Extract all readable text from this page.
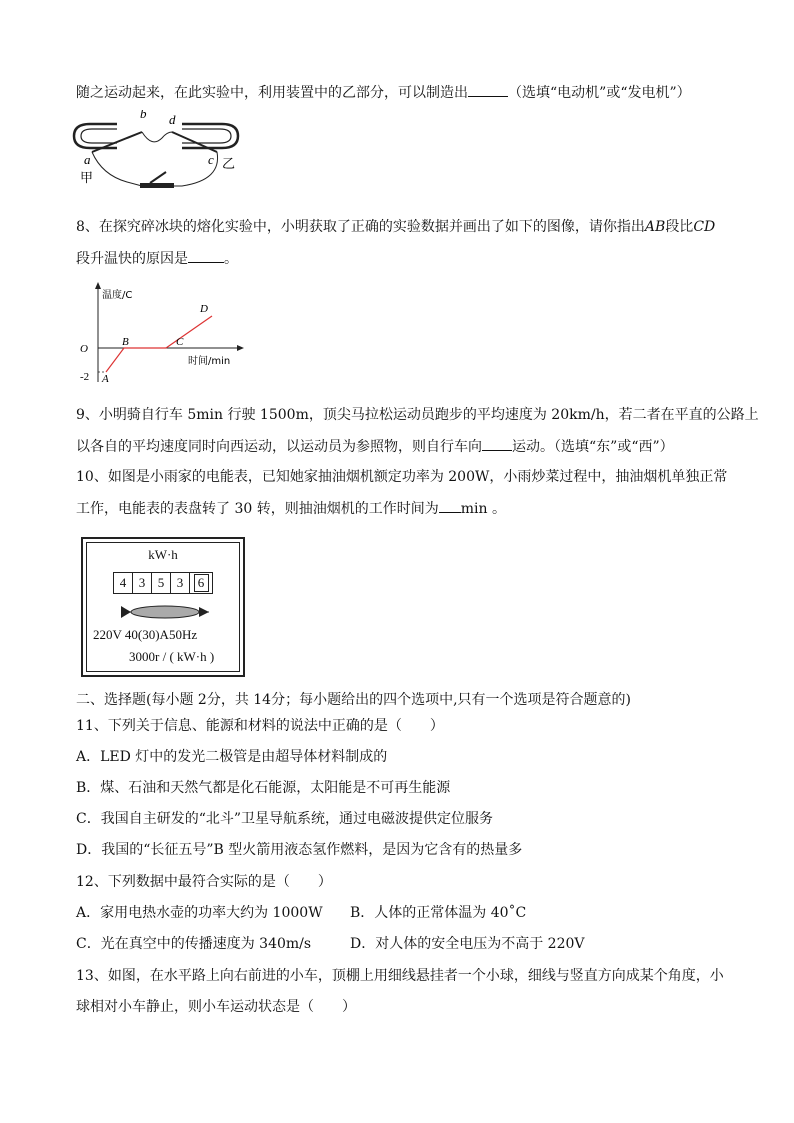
随之运动起来，在此实验中，利用装置中的乙部分，可以制造出	（选填“电动机”或“发电机”）
b d
a	c
甲
乙
8、在探究碎冰块的熔化实验中，小明获取了正确的实验数据并画出了如下的图像，请你指出AB段比CD
段升温快的原因是	。
温度/C
时间/min
O
-2 A
B	C
D
9、小明骑自行车 5min 行驶 1500m，顶尖马拉松运动员跑步的平均速度为 20km/h，若二者在平直的公路上
以各自的平均速度同时向西运动，以运动员为参照物，则自行车向 运动。（选填“东”或“西”）
10、如图是小雨家的电能表，已知她家抽油烟机额定功率为 200W，小雨炒菜过程中，抽油烟机单独正常
工作，电能表的表盘转了 30 转，则抽油烟机的工作时间为 min 。
kW·h
4 3 5 3	6
220V 40(30)A50Hz
3000r / ( kW·h )
二、选择题(每小题 2分，共 14分；每小题给出的四个选项中,只有一个选项是符合题意的)
11、下列关于信息、能源和材料的说法中正确的是（　　）
A．LED 灯中的发光二极管是由超导体材料制成的
B．煤、石油和天然气都是化石能源，太阳能是不可再生能源
C．我国自主研发的“北斗”卫星导航系统，通过电磁波提供定位服务
D．我国的“长征五号”B 型火箭用液态氢作燃料，是因为它含有的热量多
12、下列数据中最符合实际的是（　　）
A．家用电热水壶的功率大约为 1000W B．人体的正常体温为 40˚C
C．光在真空中的传播速度为 340m/s	D．对人体的安全电压为不高于 220V
13、如图，在水平路上向右前进的小车，顶棚上用细线悬挂者一个小球，细线与竖直方向成某个角度，小
球相对小车静止，则小车运动状态是（　　）
